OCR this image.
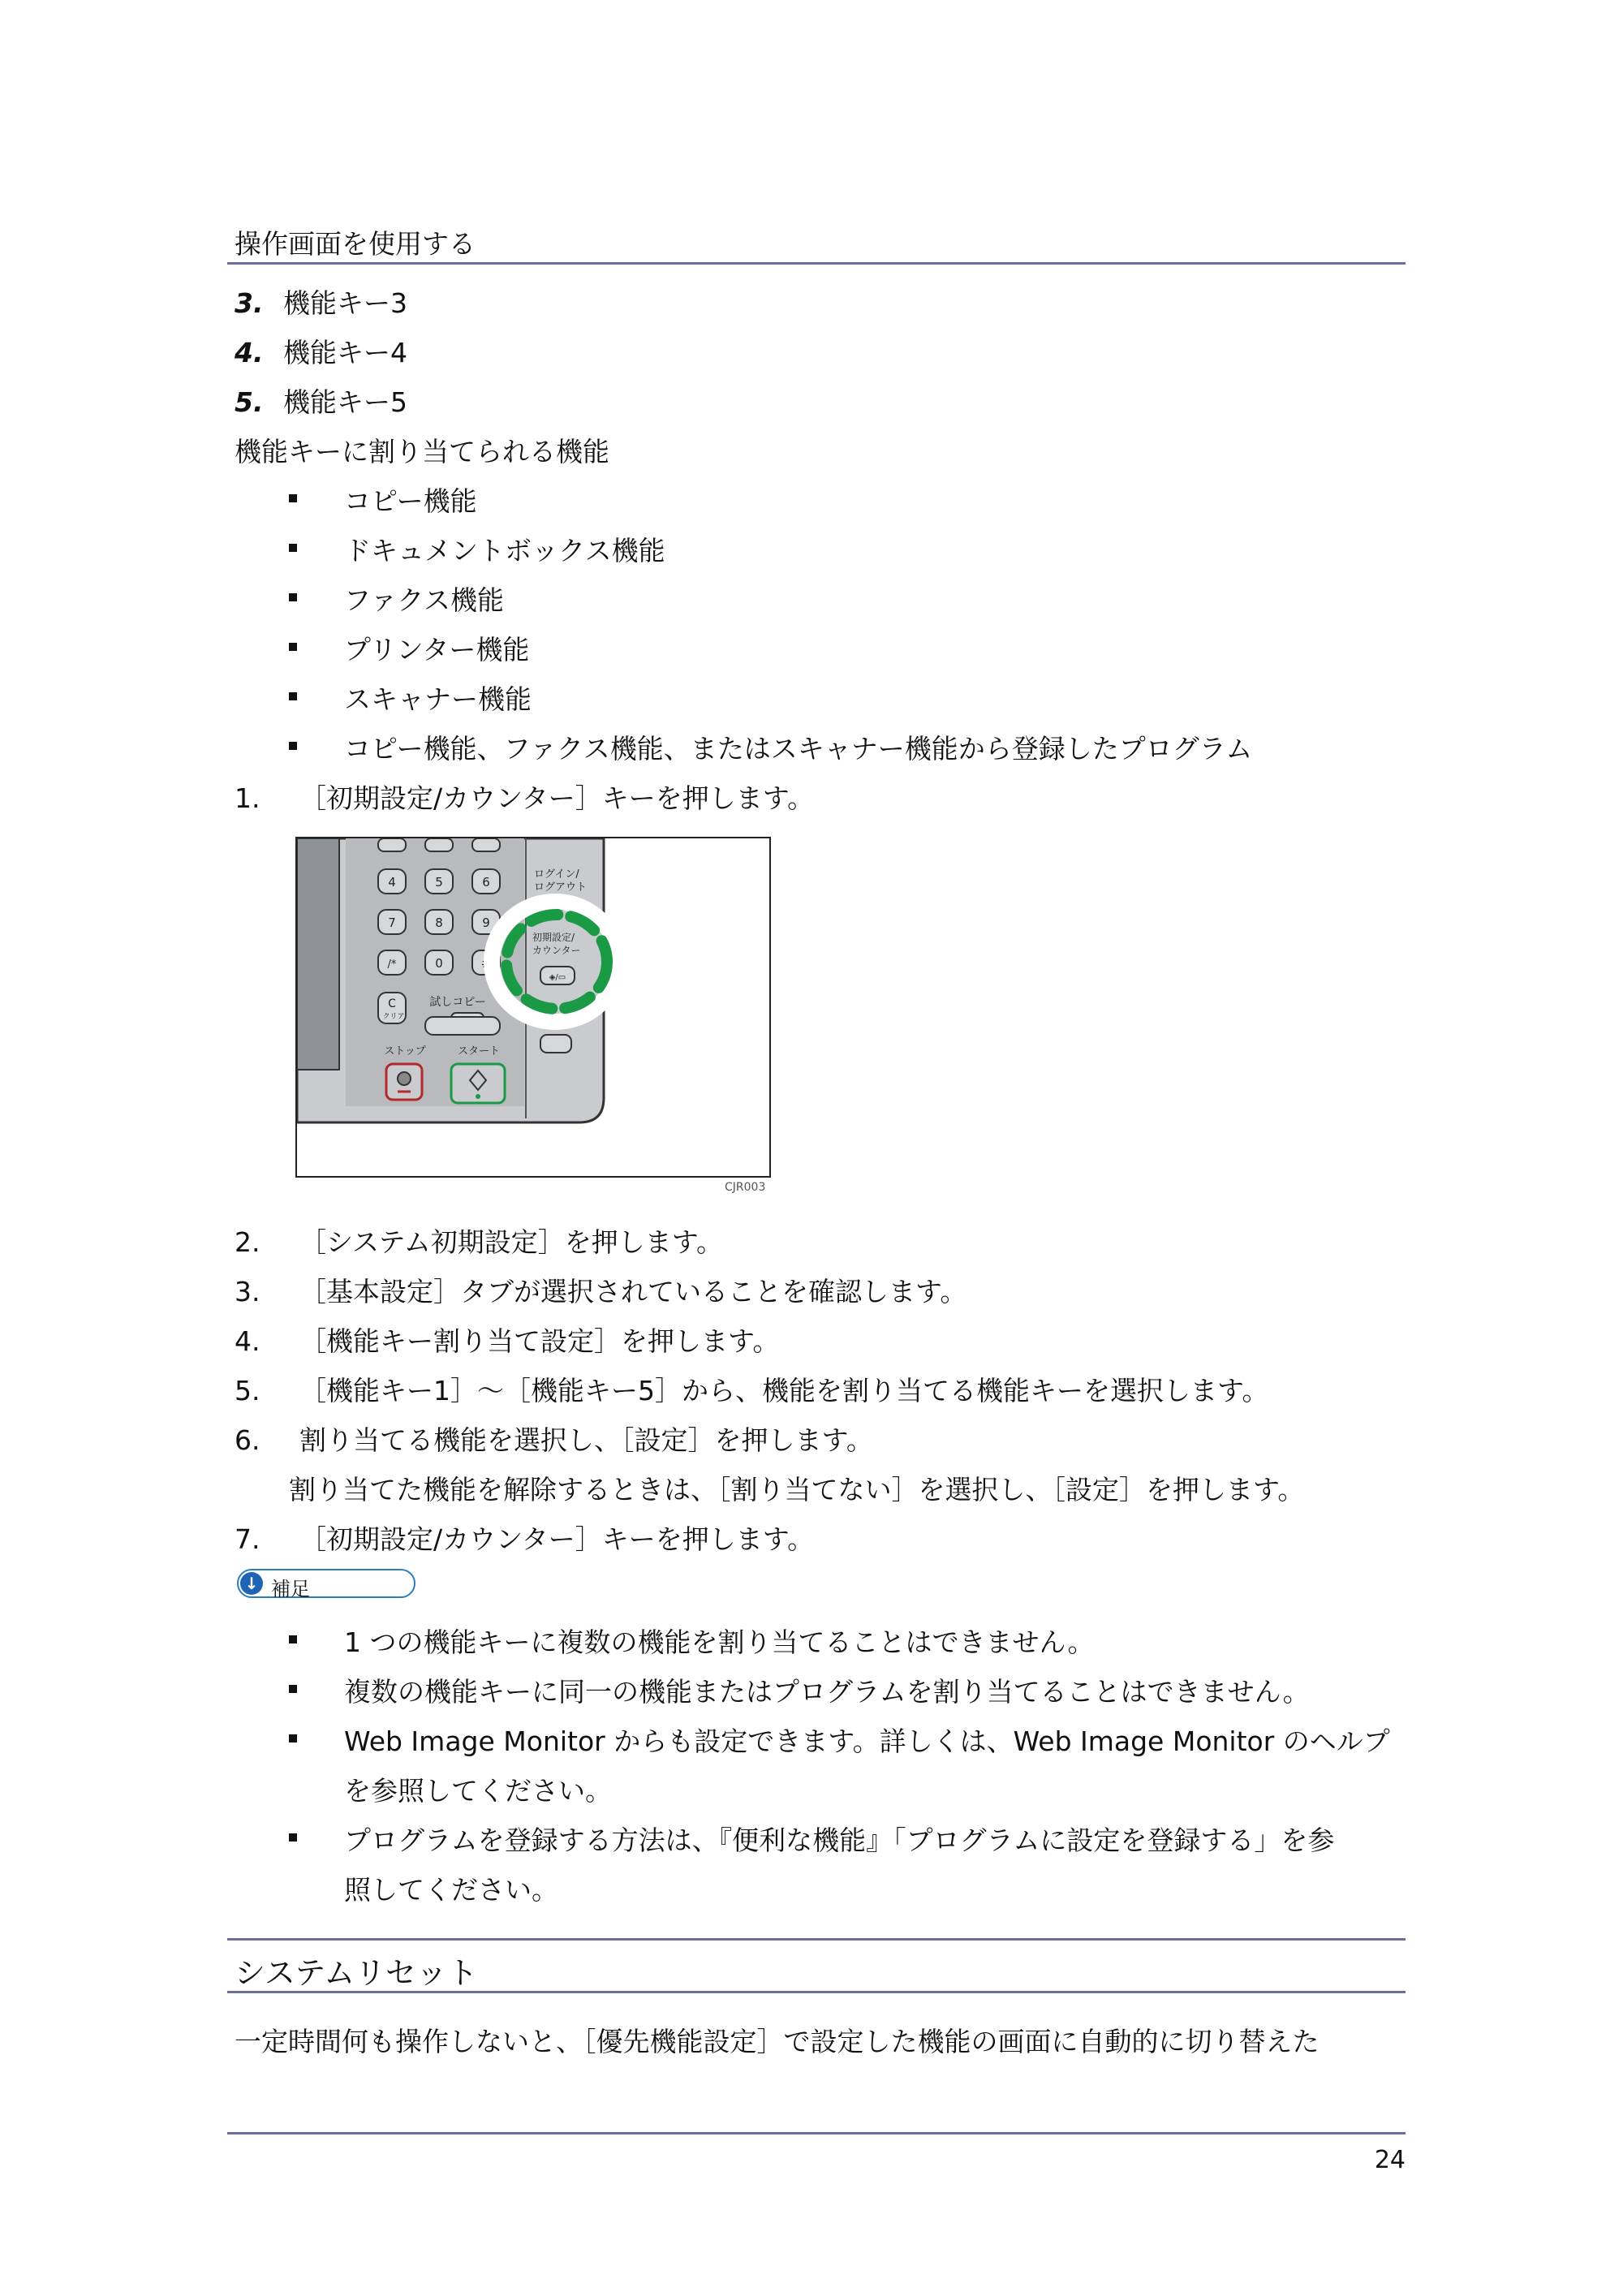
操作画面を使用する
3. 機能キー3
4. 機能キー4
5. 機能キー5
機能キーに割り当てられる機能
コピー機能
ドキュメントボックス機能
ファクス機能
プリンター機能
スキャナー機能
コピー機能、ファクス機能、またはスキャナー機能から登録したプログラム
1. ［初期設定/カウンター］キーを押します。
4	5	6
7	8	9
/*	0	#
C
クリア
試しコピー
ストップ	スタート
ログイン/ログアウト
初期設定/カウンター
◈/▭
簡単画面
CJR003
2. ［システム初期設定］を押します。
3. ［基本設定］タブが選択されていることを確認します。
4. ［機能キー割り当て設定］を押します。
5. ［機能キー1］～［機能キー5］から、機能を割り当てる機能キーを選択します。
6. 割り当てる機能を選択し、［設定］を押します。
割り当てた機能を解除するときは、［割り当てない］を選択し、［設定］を押します。
7. ［初期設定/カウンター］キーを押します。
↓ 補足
1 つの機能キーに複数の機能を割り当てることはできません。
複数の機能キーに同一の機能またはプログラムを割り当てることはできません。
Web Image Monitor からも設定できます。詳しくは、Web Image Monitor のヘルプ
を参照してください。
プログラムを登録する方法は、『便利な機能』「プログラムに設定を登録する」を参
照してください。
システムリセット
一定時間何も操作しないと、［優先機能設定］で設定した機能の画面に自動的に切り替えた
24
